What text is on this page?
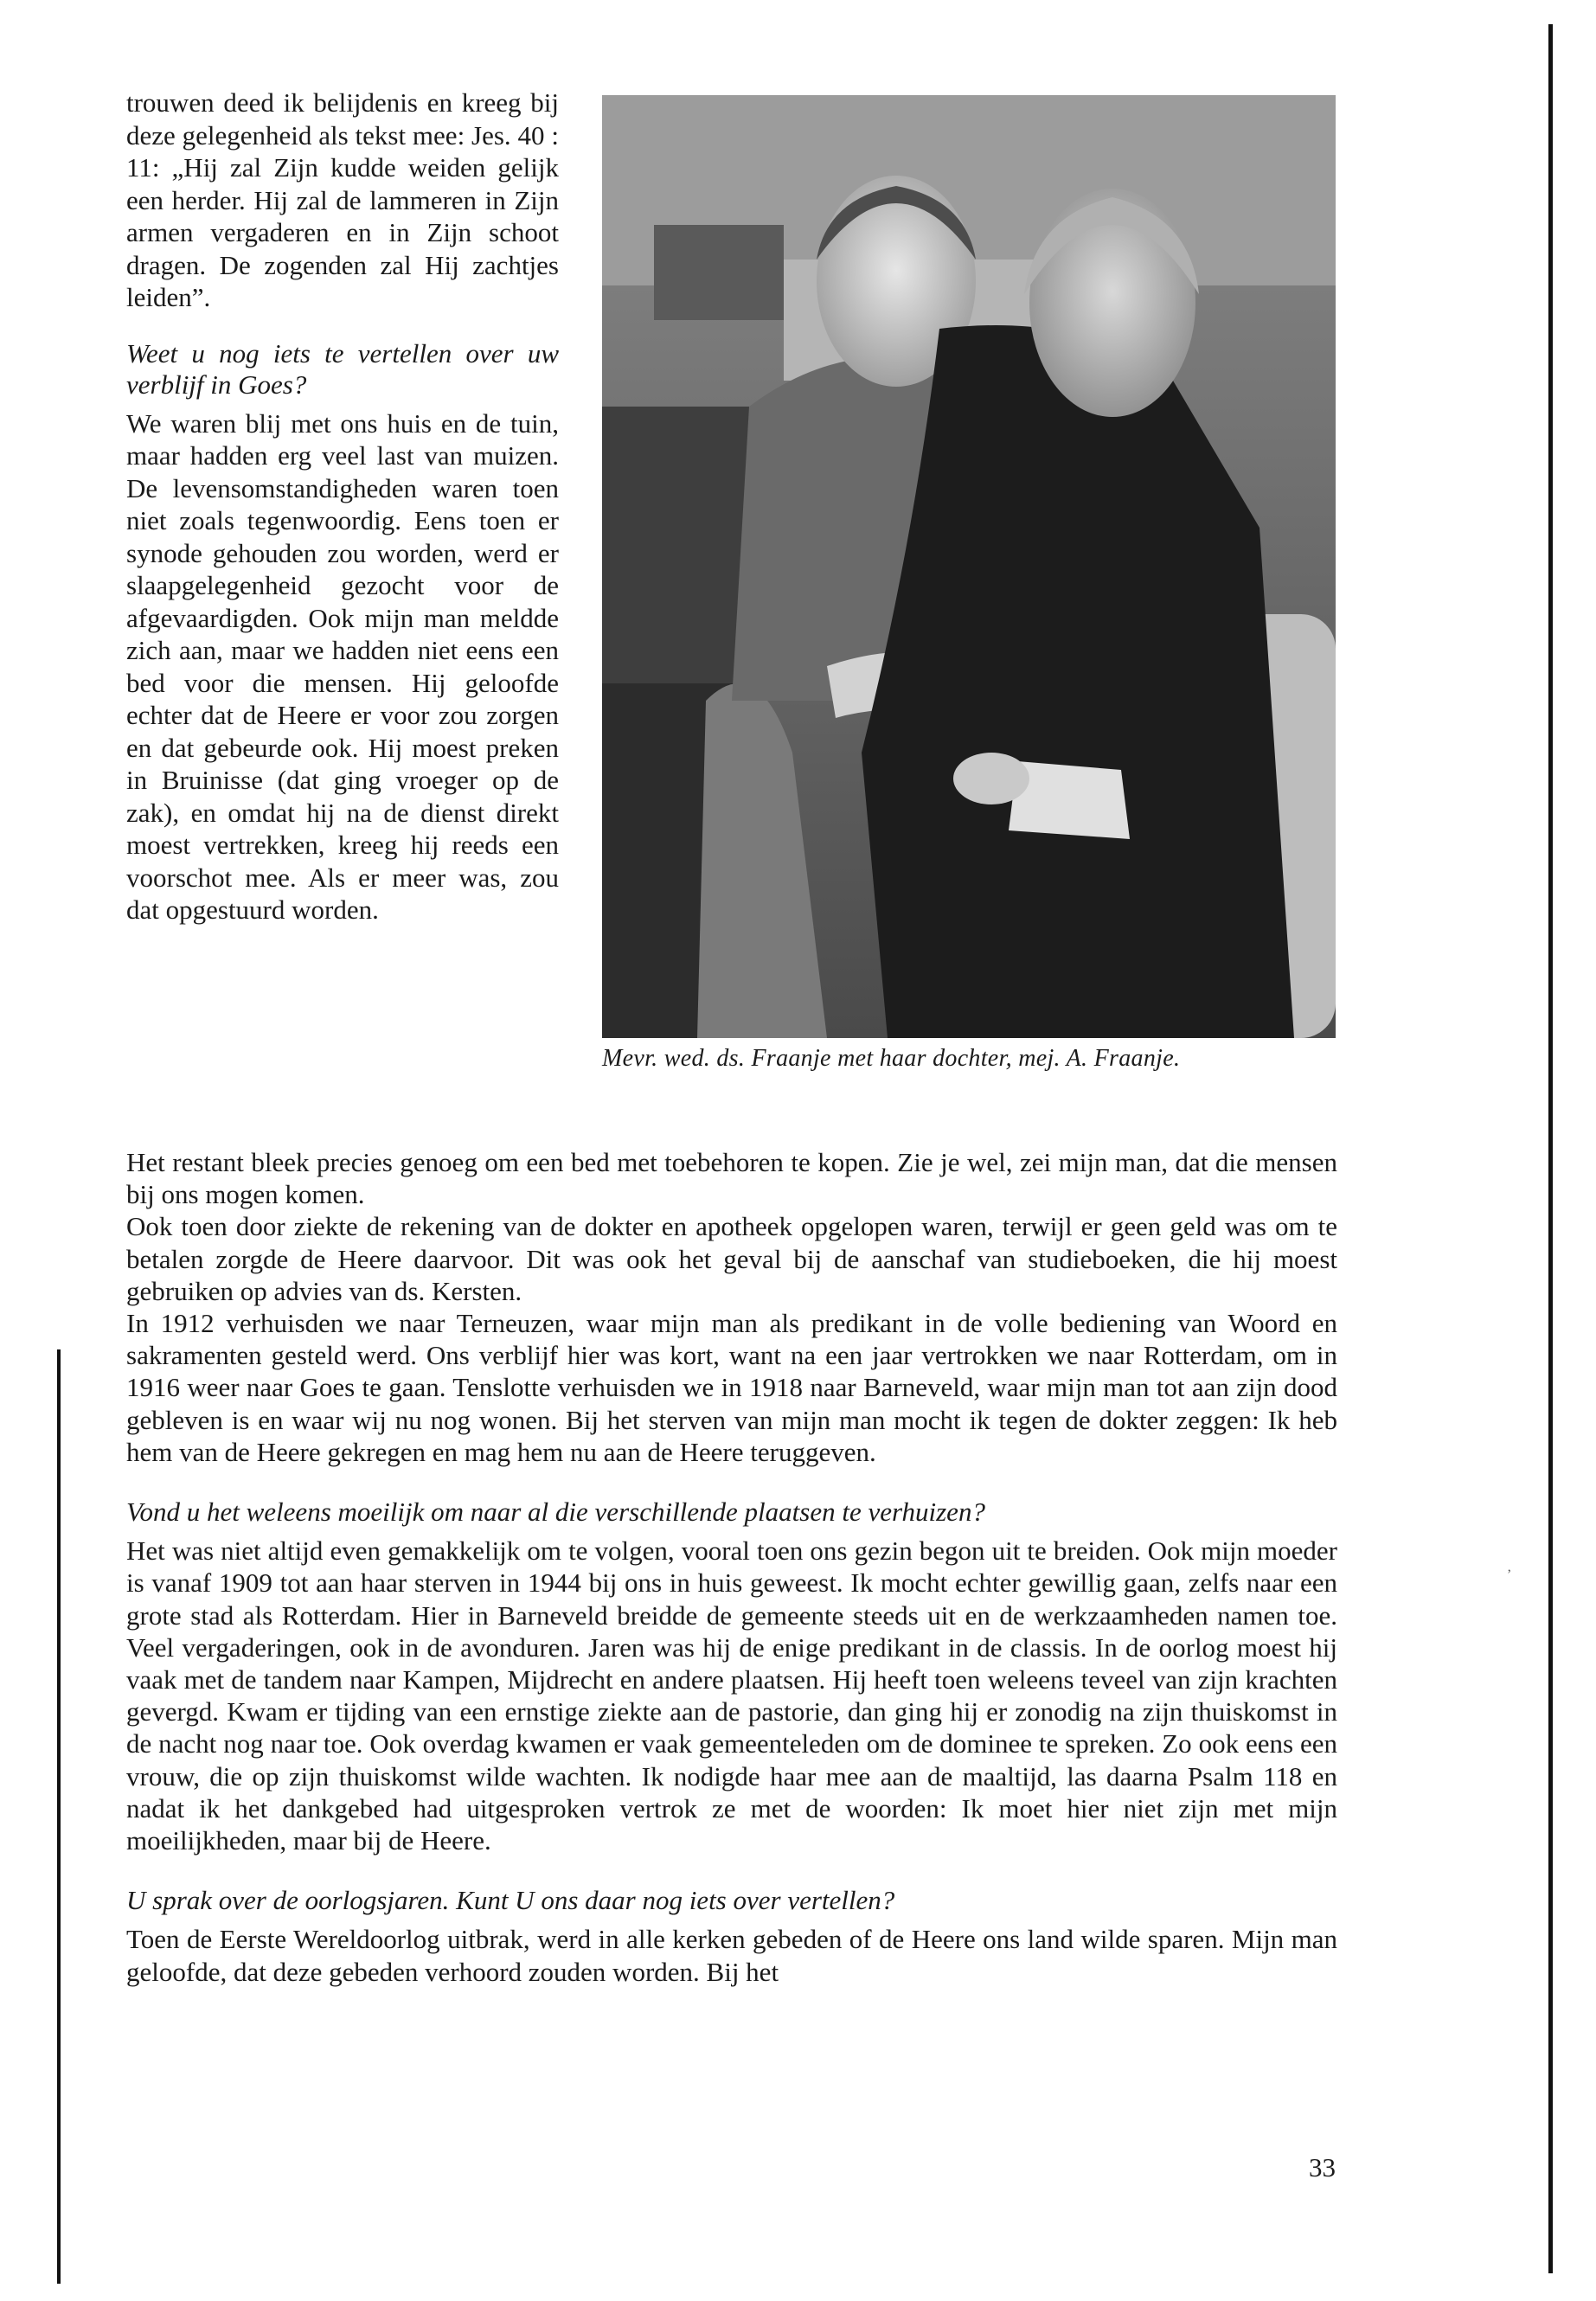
trouwen deed ik belijdenis en kreeg bij deze gelegenheid als tekst mee: Jes. 40 : 11: „Hij zal Zijn kudde weiden gelijk een herder. Hij zal de lammeren in Zijn armen vergaderen en in Zijn schoot dragen. De zogenden zal Hij zachtjes leiden”.

Weet u nog iets te vertellen over uw verblijf in Goes?

We waren blij met ons huis en de tuin, maar hadden erg veel last van muizen. De levensomstandigheden waren toen niet zoals tegenwoordig. Eens toen er synode gehouden zou worden, werd er slaapgelegenheid gezocht voor de afgevaardigden. Ook mijn man meldde zich aan, maar we hadden niet eens een bed voor die mensen. Hij geloofde echter dat de Heere er voor zou zorgen en dat gebeurde ook. Hij moest preken in Bruinisse (dat ging vroeger op de zak), en omdat hij na de dienst direkt moest vertrekken, kreeg hij reeds een voorschot mee. Als er meer was, zou dat opgestuurd worden.

Mevr. wed. ds. Fraanje met haar dochter, mej. A. Fraanje.

Het restant bleek precies genoeg om een bed met toebehoren te kopen. Zie je wel, zei mijn man, dat die mensen bij ons mogen komen.

Ook toen door ziekte de rekening van de dokter en apotheek opgelopen waren, terwijl er geen geld was om te betalen zorgde de Heere daarvoor. Dit was ook het geval bij de aanschaf van studieboeken, die hij moest gebruiken op advies van ds. Kersten.

In 1912 verhuisden we naar Terneuzen, waar mijn man als predikant in de volle bediening van Woord en sakramenten gesteld werd. Ons verblijf hier was kort, want na een jaar vertrokken we naar Rotterdam, om in 1916 weer naar Goes te gaan. Tenslotte verhuisden we in 1918 naar Barneveld, waar mijn man tot aan zijn dood gebleven is en waar wij nu nog wonen. Bij het sterven van mijn man mocht ik tegen de dokter zeggen: Ik heb hem van de Heere gekregen en mag hem nu aan de Heere teruggeven.

Vond u het weleens moeilijk om naar al die verschillende plaatsen te verhuizen?

Het was niet altijd even gemakkelijk om te volgen, vooral toen ons gezin begon uit te breiden. Ook mijn moeder is vanaf 1909 tot aan haar sterven in 1944 bij ons in huis geweest. Ik mocht echter gewillig gaan, zelfs naar een grote stad als Rotterdam. Hier in Barneveld breidde de gemeente steeds uit en de werkzaamheden namen toe. Veel vergaderingen, ook in de avonduren. Jaren was hij de enige predikant in de classis. In de oorlog moest hij vaak met de tandem naar Kampen, Mijdrecht en andere plaatsen. Hij heeft toen weleens teveel van zijn krachten gevergd. Kwam er tijding van een ernstige ziekte aan de pastorie, dan ging hij er zonodig na zijn thuiskomst in de nacht nog naar toe. Ook overdag kwamen er vaak gemeenteleden om de dominee te spreken. Zo ook eens een vrouw, die op zijn thuiskomst wilde wachten. Ik nodigde haar mee aan de maaltijd, las daarna Psalm 118 en nadat ik het dankgebed had uitgesproken vertrok ze met de woorden: Ik moet hier niet zijn met mijn moeilijkheden, maar bij de Heere.

U sprak over de oorlogsjaren. Kunt U ons daar nog iets over vertellen?

Toen de Eerste Wereldoorlog uitbrak, werd in alle kerken gebeden of de Heere ons land wilde sparen. Mijn man geloofde, dat deze gebeden verhoord zouden worden. Bij het

’
33
